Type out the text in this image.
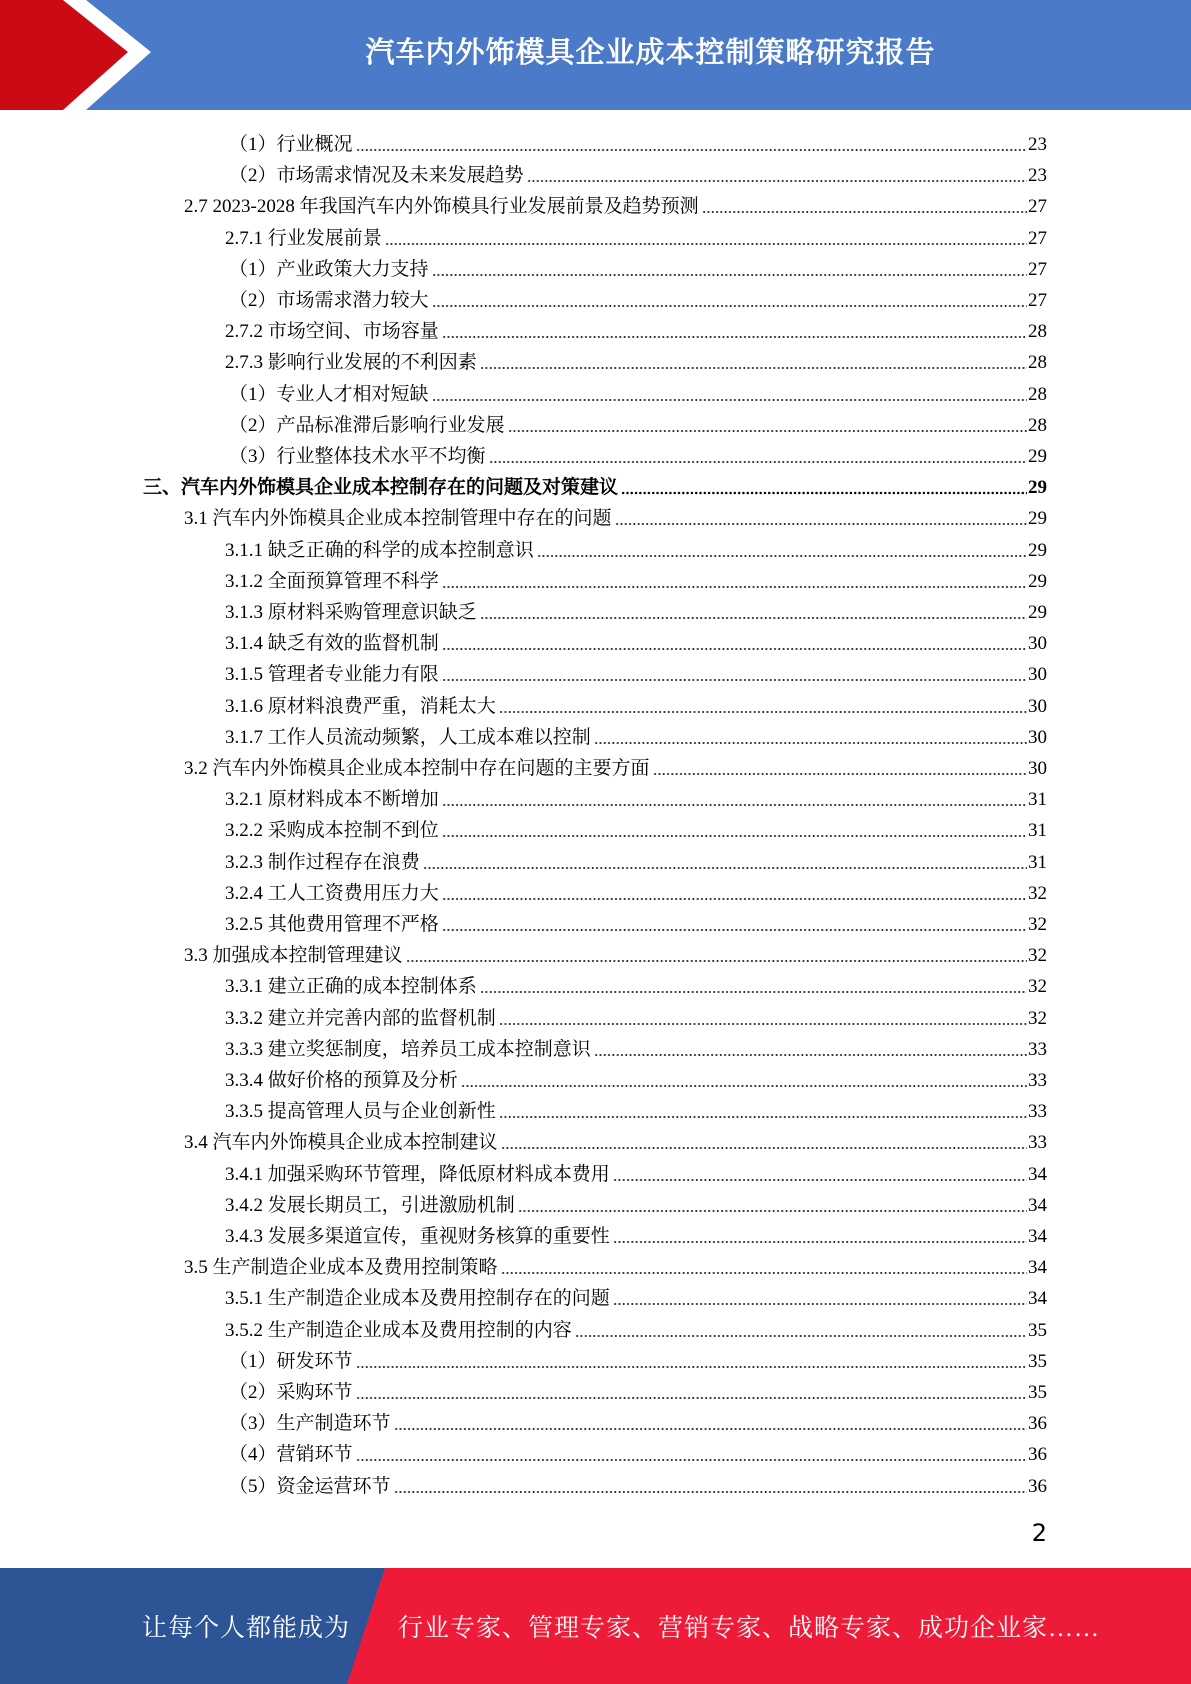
汽车内外饰模具企业成本控制策略研究报告
（1）行业概况	23
（2）市场需求情况及未来发展趋势	23
2.7 2023-2028 年我国汽车内外饰模具行业发展前景及趋势预测	27
2.7.1 行业发展前景	27
（1）产业政策大力支持	27
（2）市场需求潜力较大	27
2.7.2 市场空间、市场容量	28
2.7.3 影响行业发展的不利因素	28
（1）专业人才相对短缺	28
（2）产品标准滞后影响行业发展	28
（3）行业整体技术水平不均衡	29
三、汽车内外饰模具企业成本控制存在的问题及对策建议	29
3.1 汽车内外饰模具企业成本控制管理中存在的问题	29
3.1.1 缺乏正确的科学的成本控制意识	29
3.1.2 全面预算管理不科学	29
3.1.3 原材料采购管理意识缺乏	29
3.1.4 缺乏有效的监督机制	30
3.1.5 管理者专业能力有限	30
3.1.6 原材料浪费严重，消耗太大	30
3.1.7 工作人员流动频繁，人工成本难以控制	30
3.2 汽车内外饰模具企业成本控制中存在问题的主要方面	30
3.2.1 原材料成本不断增加	31
3.2.2 采购成本控制不到位	31
3.2.3 制作过程存在浪费	31
3.2.4 工人工资费用压力大	32
3.2.5 其他费用管理不严格	32
3.3 加强成本控制管理建议	32
3.3.1 建立正确的成本控制体系	32
3.3.2 建立并完善内部的监督机制	32
3.3.3 建立奖惩制度，培养员工成本控制意识	33
3.3.4 做好价格的预算及分析	33
3.3.5 提高管理人员与企业创新性	33
3.4 汽车内外饰模具企业成本控制建议	33
3.4.1 加强采购环节管理，降低原材料成本费用	34
3.4.2 发展长期员工，引进激励机制	34
3.4.3 发展多渠道宣传，重视财务核算的重要性	34
3.5 生产制造企业成本及费用控制策略	34
3.5.1 生产制造企业成本及费用控制存在的问题	34
3.5.2 生产制造企业成本及费用控制的内容	35
（1）研发环节	35
（2）采购环节	35
（3）生产制造环节	36
（4）营销环节	36
（5）资金运营环节	36
2
让每个人都能成为 行业专家、管理专家、营销专家、战略专家、成功企业家……
